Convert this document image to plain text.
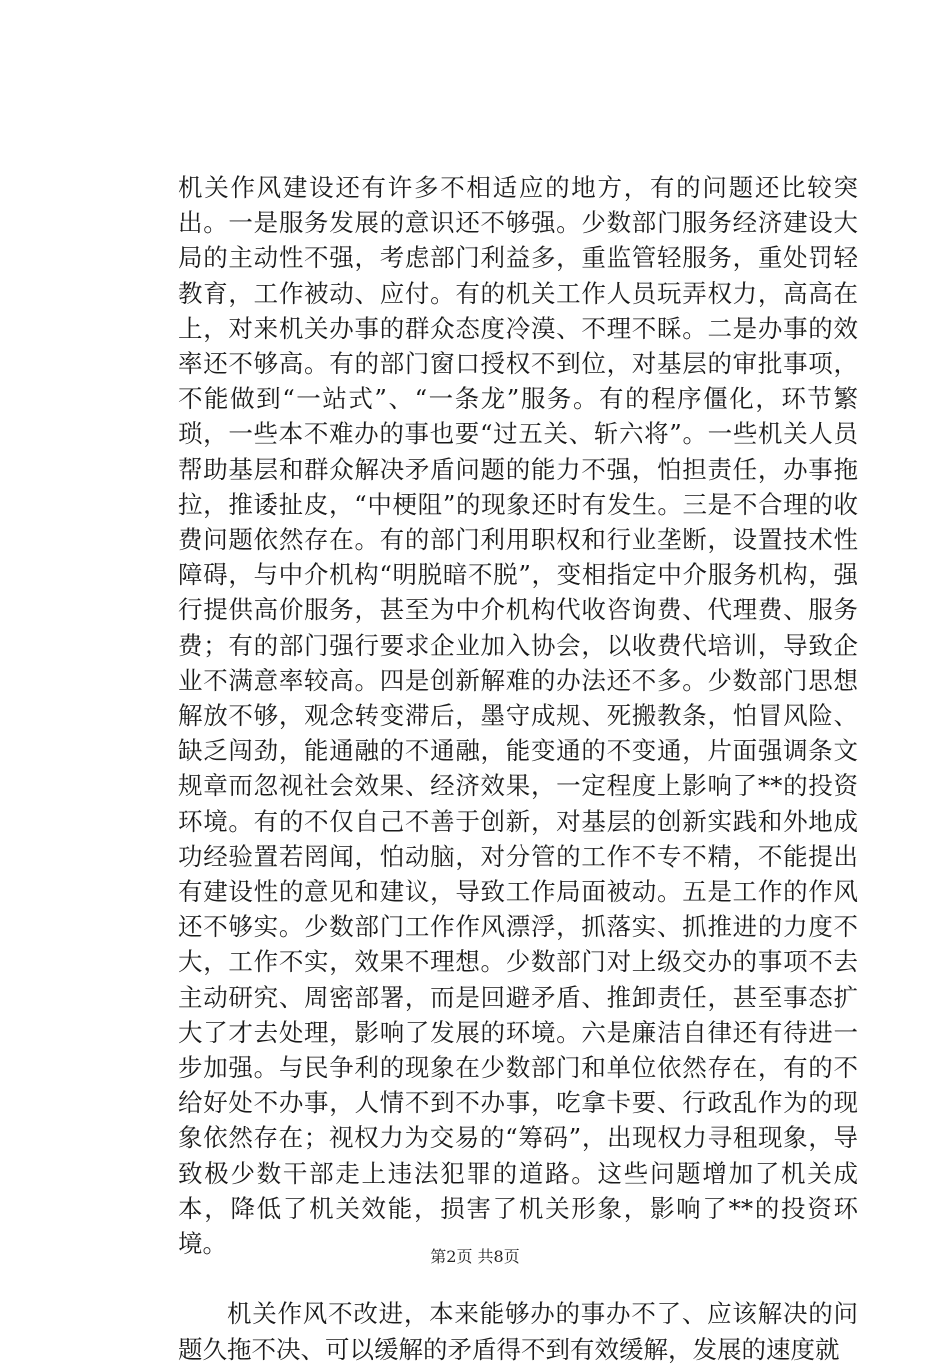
机关作风建设还有许多不相适应的地方，有的问题还比较突出。一是服务发展的意识还不够强。少数部门服务经济建设大局的主动性不强，考虑部门利益多，重监管轻服务，重处罚轻教育，工作被动、应付。有的机关工作人员玩弄权力，高高在上，对来机关办事的群众态度冷漠、不理不睬。二是办事的效率还不够高。有的部门窗口授权不到位，对基层的审批事项，不能做到“一站式”、“一条龙”服务。有的程序僵化，环节繁琐，一些本不难办的事也要“过五关、斩六将”。一些机关人员帮助基层和群众解决矛盾问题的能力不强，怕担责任，办事拖拉，推诿扯皮，“中梗阻”的现象还时有发生。三是不合理的收费问题依然存在。有的部门利用职权和行业垄断，设置技术性障碍，与中介机构“明脱暗不脱”，变相指定中介服务机构，强行提供高价服务，甚至为中介机构代收咨询费、代理费、服务费；有的部门强行要求企业加入协会，以收费代培训，导致企业不满意率较高。四是创新解难的办法还不多。少数部门思想解放不够，观念转变滞后，墨守成规、死搬教条，怕冒风险、缺乏闯劲，能通融的不通融，能变通的不变通，片面强调条文规章而忽视社会效果、经济效果，一定程度上影响了**的投资环境。有的不仅自己不善于创新，对基层的创新实践和外地成功经验置若罔闻，怕动脑，对分管的工作不专不精，不能提出有建设性的意见和建议，导致工作局面被动。五是工作的作风还不够实。少数部门工作作风漂浮，抓落实、抓推进的力度不大，工作不实，效果不理想。少数部门对上级交办的事项不去主动研究、周密部署，而是回避矛盾、推卸责任，甚至事态扩大了才去处理，影响了发展的环境。六是廉洁自律还有待进一步加强。与民争利的现象在少数部门和单位依然存在，有的不给好处不办事，人情不到不办事，吃拿卡要、行政乱作为的现象依然存在；视权力为交易的“筹码”，出现权力寻租现象，导致极少数干部走上违法犯罪的道路。这些问题增加了机关成本，降低了机关效能，损害了机关形象，影响了**的投资环境。

机关作风不改进，本来能够办的事办不了、应该解决的问题久拖不决、可以缓解的矛盾得不到有效缓解，发展的速度就

第2页 共8页
